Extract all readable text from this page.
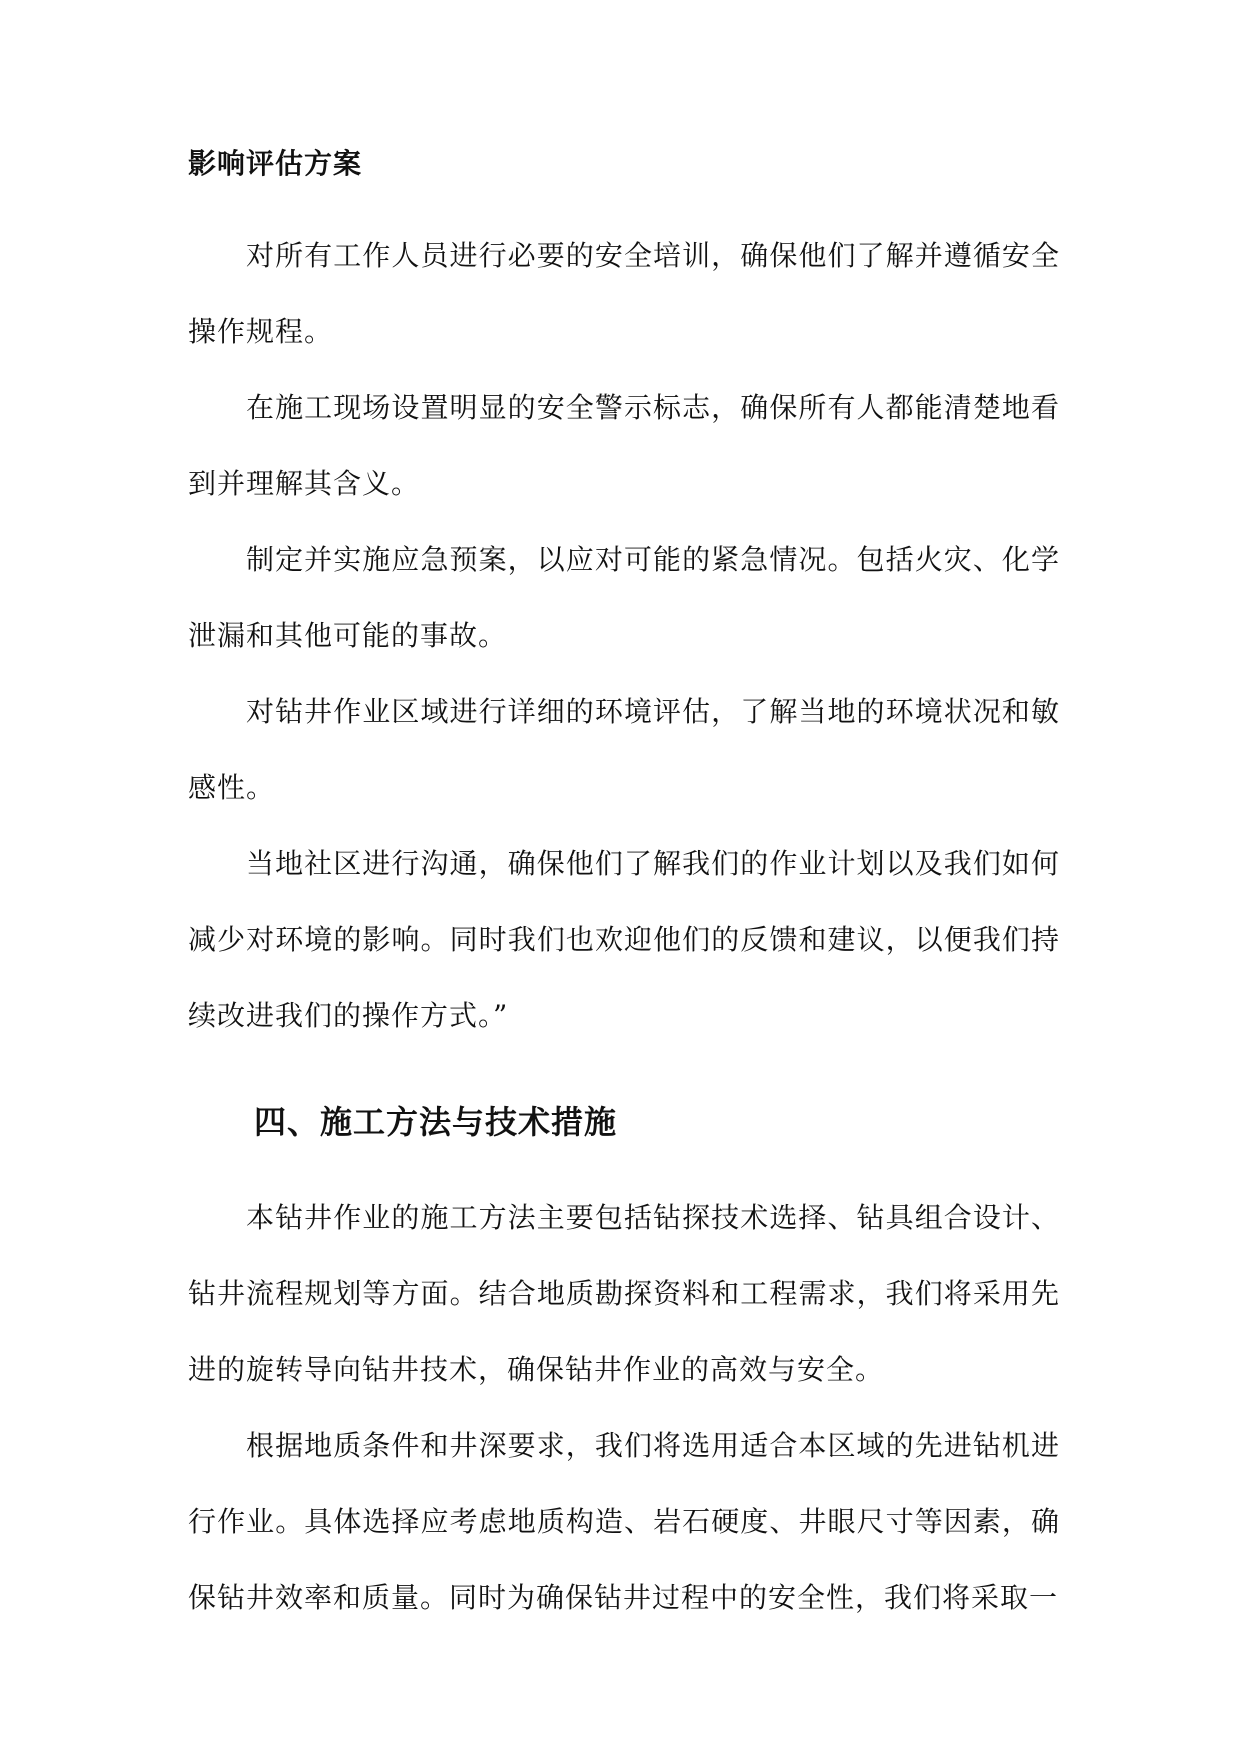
影响评估方案

对所有工作人员进行必要的安全培训，确保他们了解并遵循安全操作规程。

在施工现场设置明显的安全警示标志，确保所有人都能清楚地看到并理解其含义。

制定并实施应急预案，以应对可能的紧急情况。包括火灾、化学泄漏和其他可能的事故。

对钻井作业区域进行详细的环境评估，了解当地的环境状况和敏感性。

当地社区进行沟通，确保他们了解我们的作业计划以及我们如何减少对环境的影响。同时我们也欢迎他们的反馈和建议，以便我们持续改进我们的操作方式。”

四、施工方法与技术措施

本钻井作业的施工方法主要包括钻探技术选择、钻具组合设计、钻井流程规划等方面。结合地质勘探资料和工程需求，我们将采用先进的旋转导向钻井技术，确保钻井作业的高效与安全。

根据地质条件和井深要求，我们将选用适合本区域的先进钻机进行作业。具体选择应考虑地质构造、岩石硬度、井眼尺寸等因素，确保钻井效率和质量。同时为确保钻井过程中的安全性，我们将采取一
